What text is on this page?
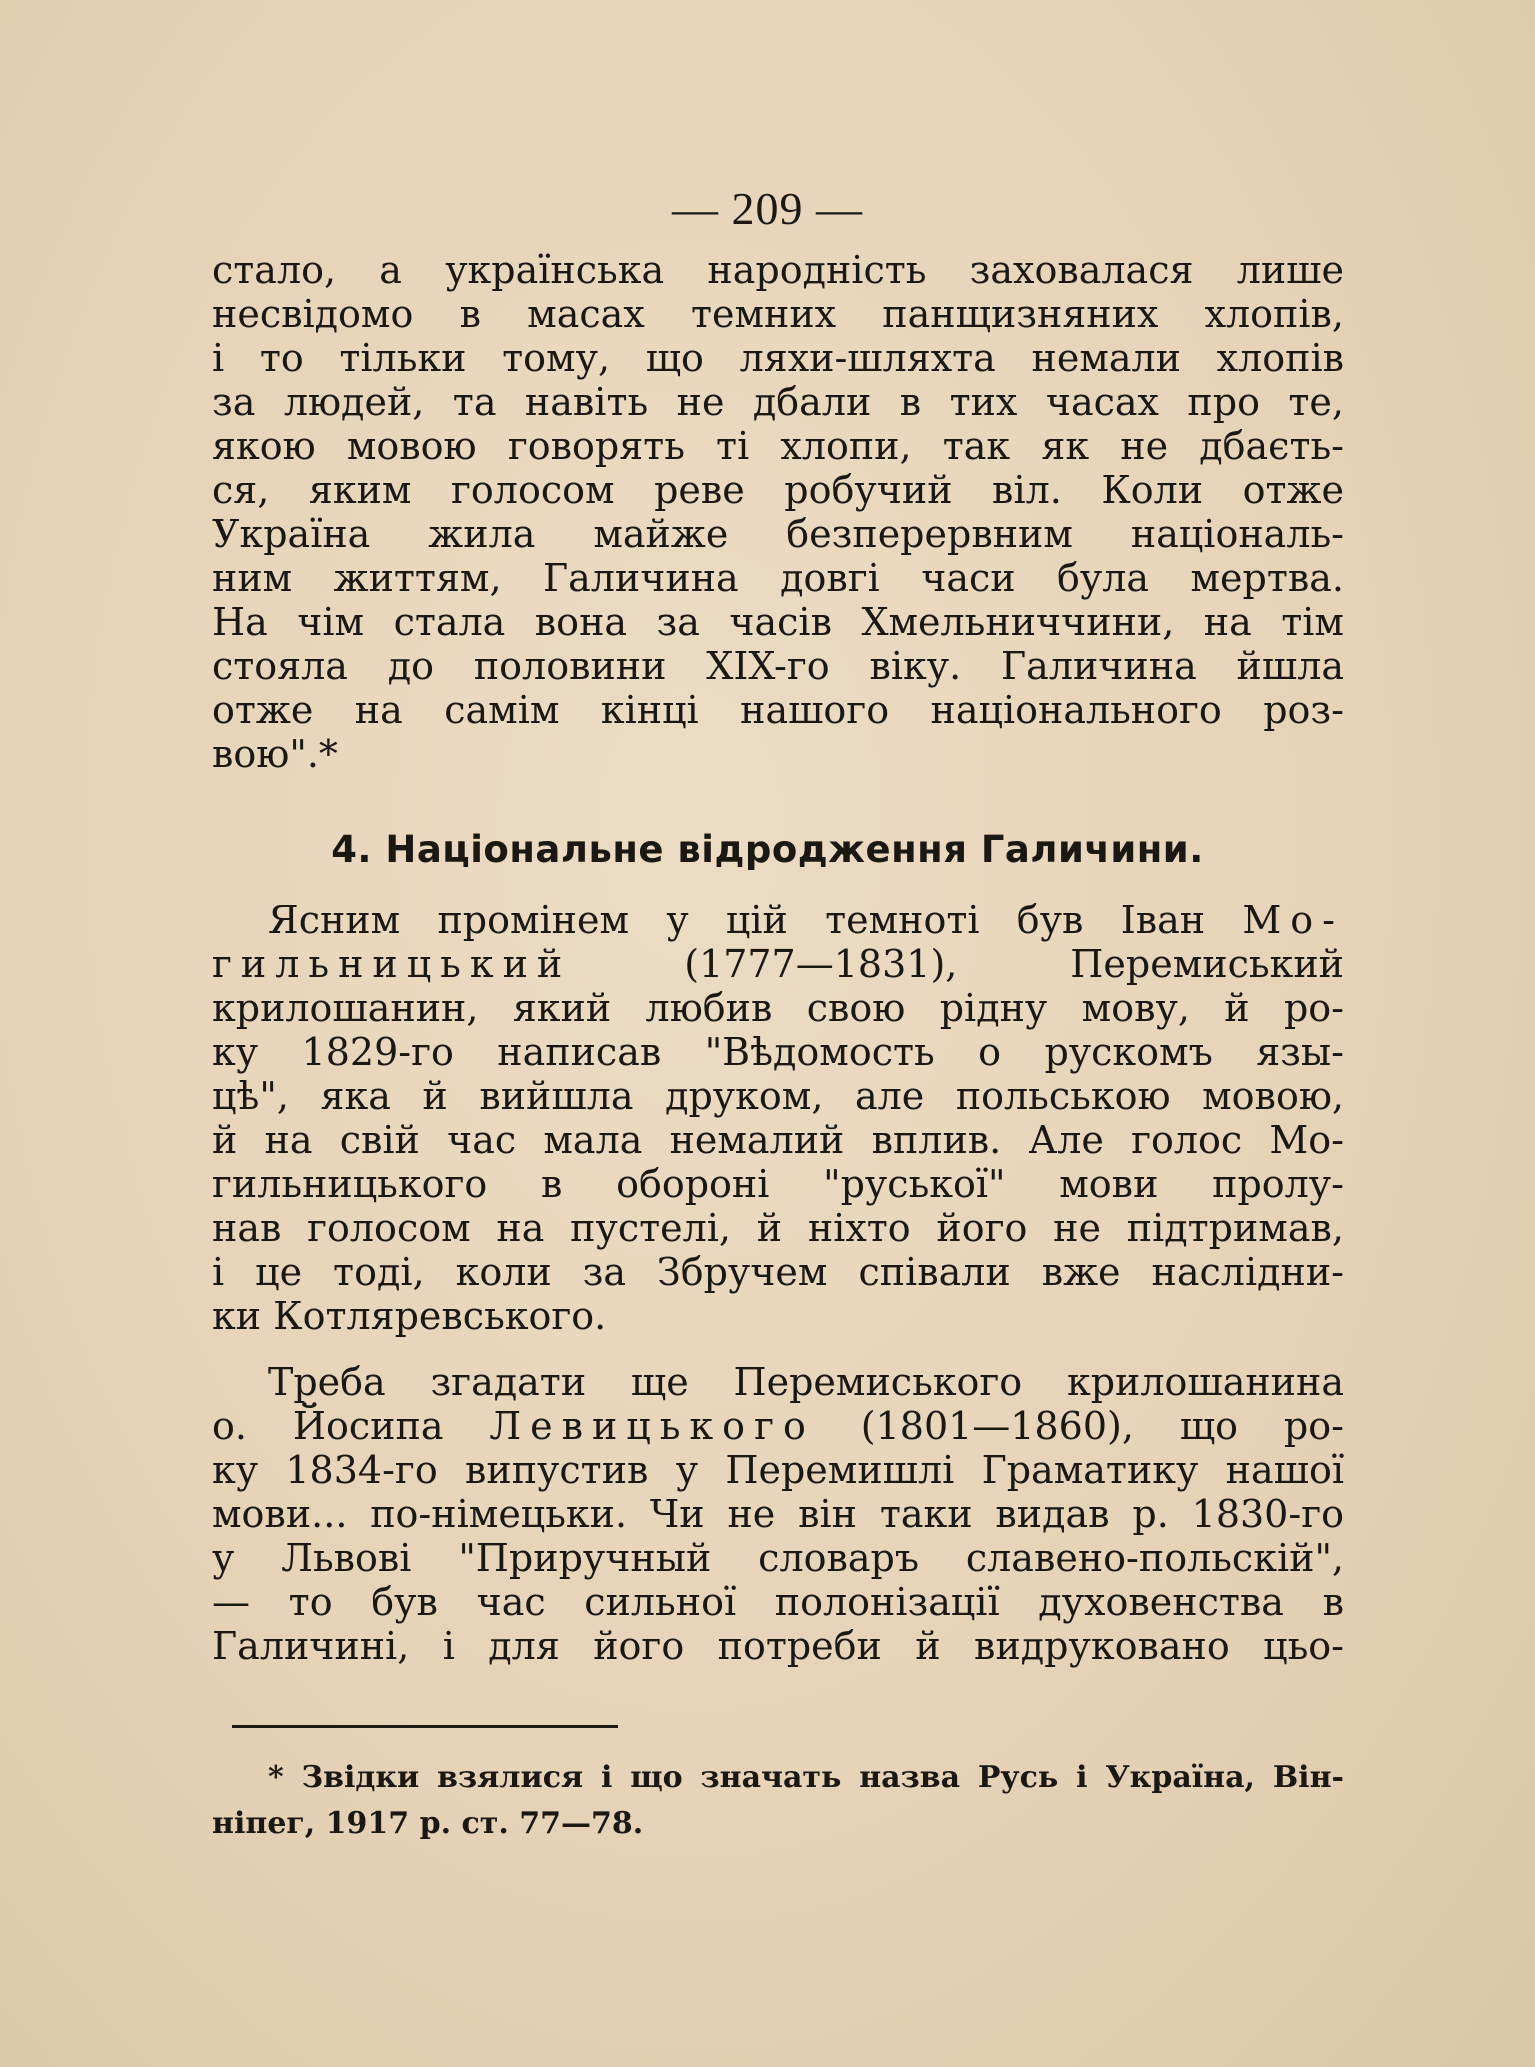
— 209 —
стало, а українська народність заховалася лише
несвідомо в масах темних панщизняних хлопів,
і то тільки тому, що ляхи-шляхта немали хлопів
за людей, та навіть не дбали в тих часах про те,
якою мовою говорять ті хлопи, так як не дбаєть-
ся, яким голосом реве робучий віл. Коли отже
Україна жила майже безперервним національ-
ним життям, Галичина довгі часи була мертва.
На чім стала вона за часів Хмельниччини, на тім
стояла до половини XIX-го віку. Галичина йшла
отже на самім кінці нашого національного роз-
вою".*
4. Національне відродження Галичини.
Ясним промінем у цій темноті був Іван Мо-
гильницький	(1777—1831), Перемиський
крилошанин, який любив свою рідну мову, й ро-
ку 1829-го написав "Вѣдомость о рускомъ язы-
цѣ", яка й вийшла друком, але польською мовою,
й на свій час мала немалий вплив. Але голос Мо-
гильницького в обороні "руської" мови пролу-
нав голосом на пустелі, й ніхто його не підтримав,
і це тоді, коли за Збручем співали вже наслідни-
ки Котляревського.
Треба згадати ще Перемиського крилошанина
о. Йосипа Левицького (1801—1860), що ро-
ку 1834-го випустив у Перемишлі Граматику нашої
мови... по-німецьки. Чи не він таки видав р. 1830-го
у Львові "Приручный словаръ славено-польскій",
— то був час сильної полонізації духовенства в
Галичині, і для його потреби й видруковано цьо-
* Звідки взялися і що значать назва Русь і Україна, Він-
ніпег, 1917 р. ст. 77—78.
